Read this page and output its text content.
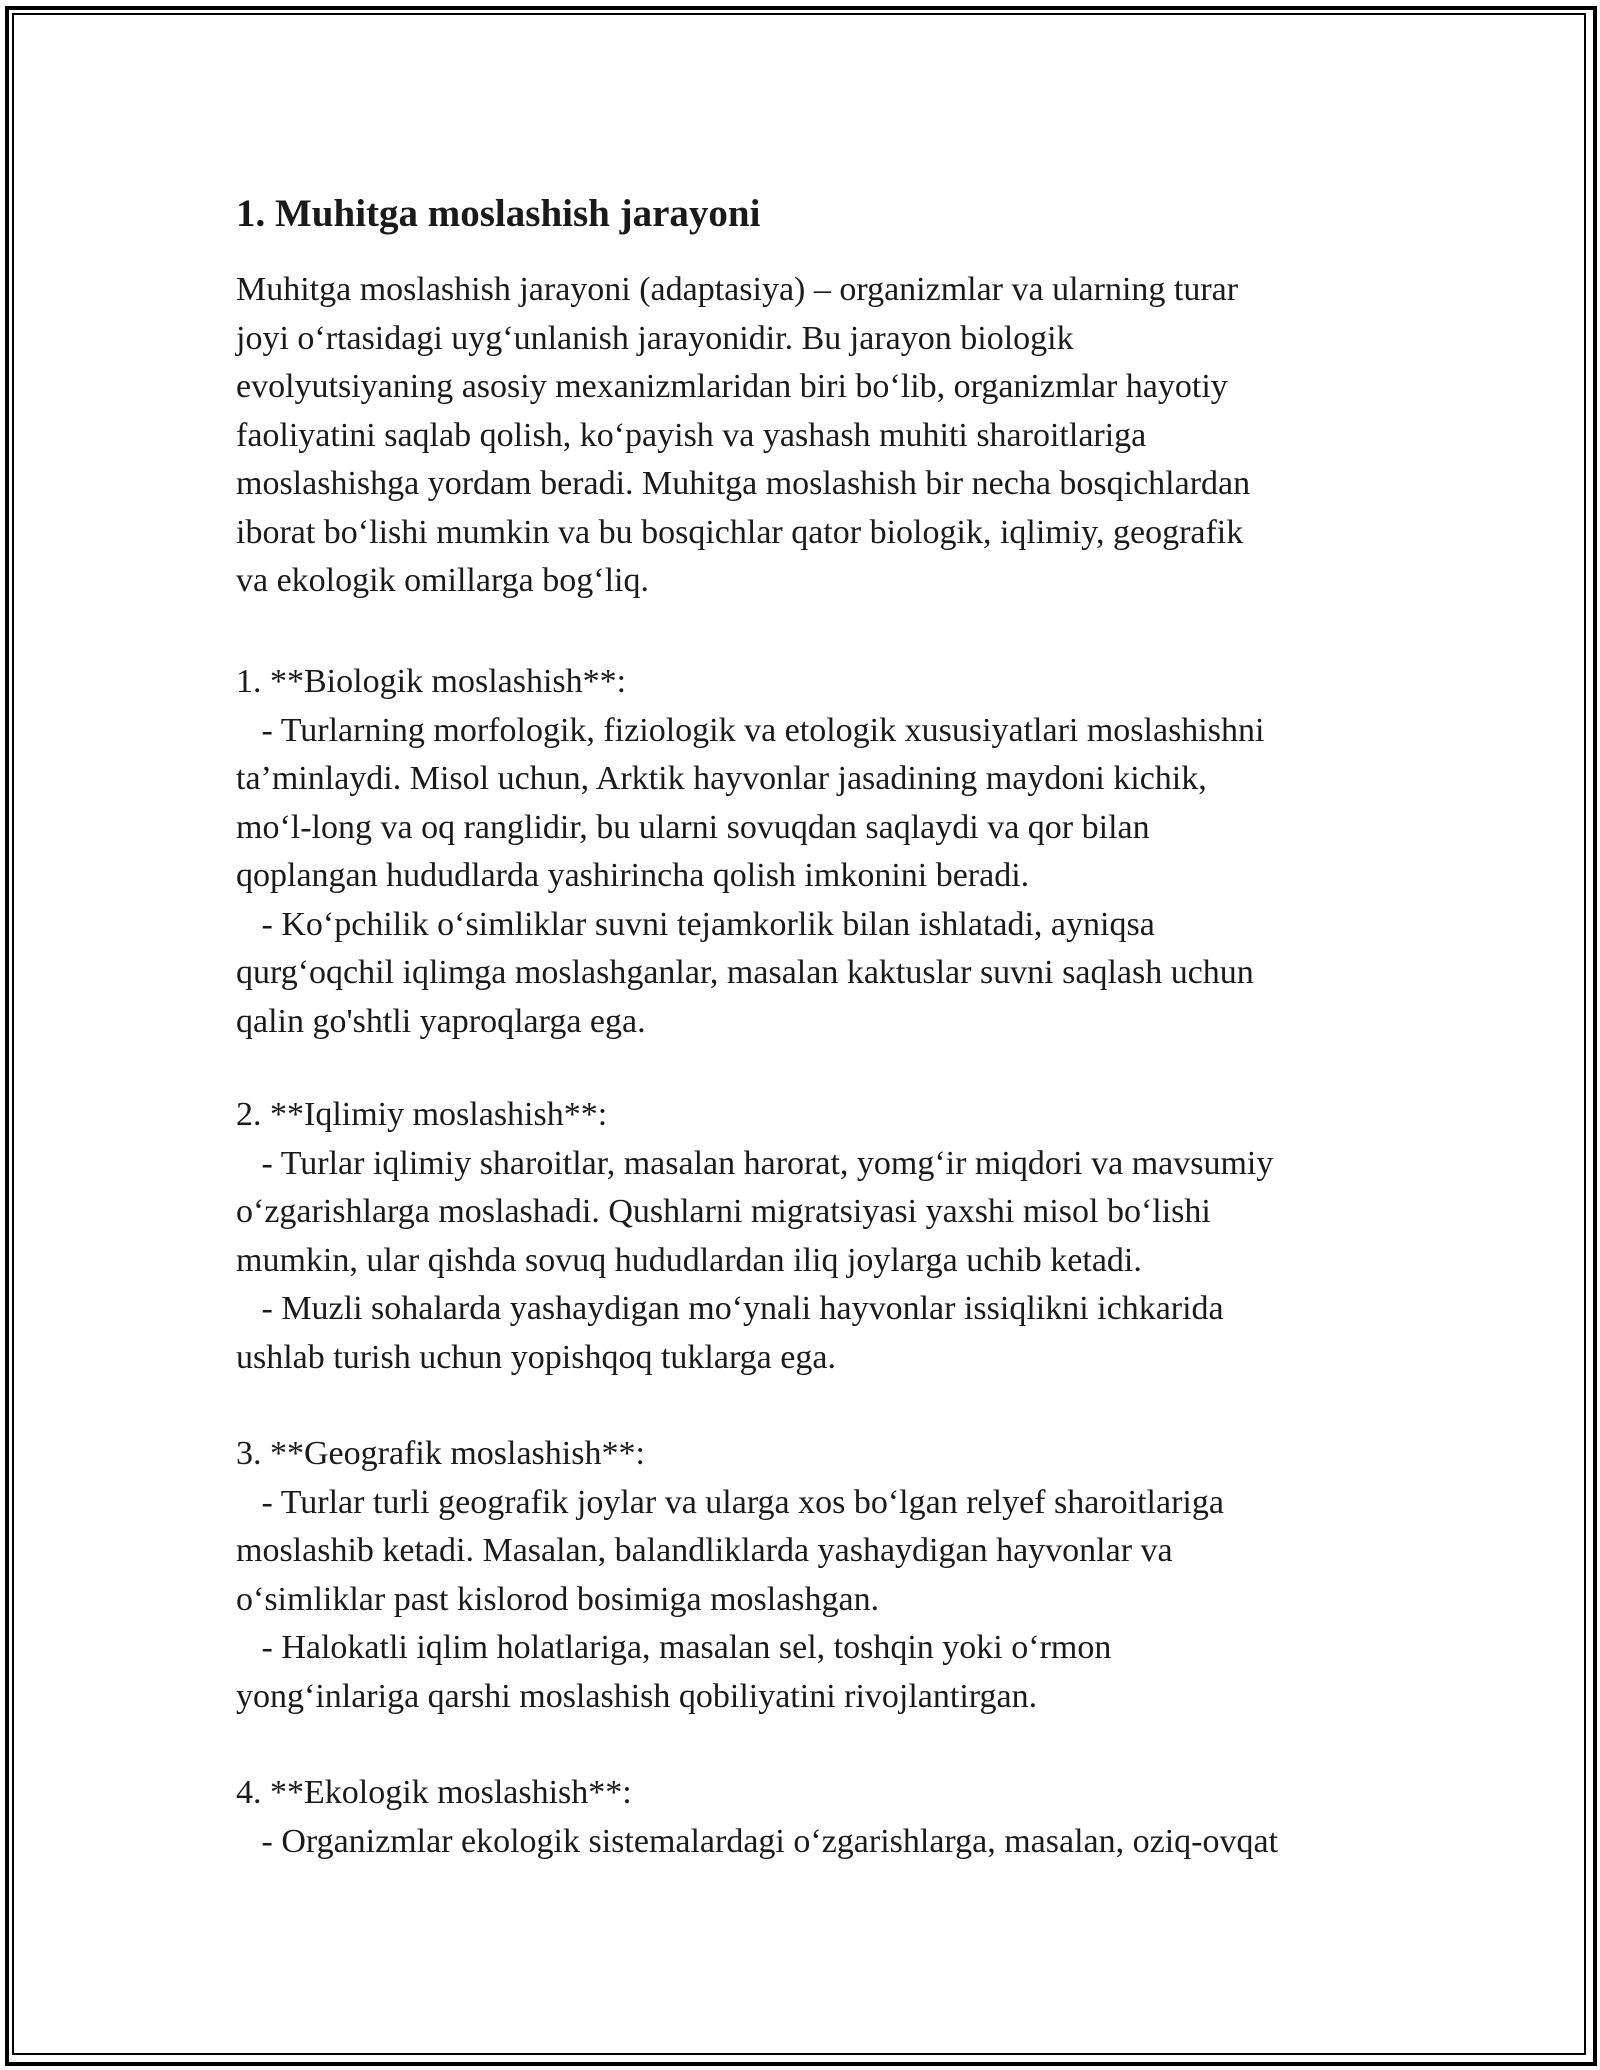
1. Muhitga moslashish jarayoni

Muhitga moslashish jarayoni (adaptasiya) – organizmlar va ularning turar
joyi o‘rtasidagi uyg‘unlanish jarayonidir. Bu jarayon biologik
evolyutsiyaning asosiy mexanizmlaridan biri bo‘lib, organizmlar hayotiy
faoliyatini saqlab qolish, ko‘payish va yashash muhiti sharoitlariga
moslashishga yordam beradi. Muhitga moslashish bir necha bosqichlardan
iborat bo‘lishi mumkin va bu bosqichlar qator biologik, iqlimiy, geografik
va ekologik omillarga bog‘liq.

1. **Biologik moslashish**:

- Turlarning morfologik, fiziologik va etologik xususiyatlari moslashishni
ta’minlaydi. Misol uchun, Arktik hayvonlar jasadining maydoni kichik,
mo‘l-long va oq ranglidir, bu ularni sovuqdan saqlaydi va qor bilan
qoplangan hududlarda yashirincha qolish imkonini beradi.
- Ko‘pchilik o‘simliklar suvni tejamkorlik bilan ishlatadi, ayniqsa
qurg‘oqchil iqlimga moslashganlar, masalan kaktuslar suvni saqlash uchun
qalin go'shtli yaproqlarga ega.

2. **Iqlimiy moslashish**:

- Turlar iqlimiy sharoitlar, masalan harorat, yomg‘ir miqdori va mavsumiy
o‘zgarishlarga moslashadi. Qushlarni migratsiyasi yaxshi misol bo‘lishi
mumkin, ular qishda sovuq hududlardan iliq joylarga uchib ketadi.
- Muzli sohalarda yashaydigan mo‘ynali hayvonlar issiqlikni ichkarida
ushlab turish uchun yopishqoq tuklarga ega.

3. **Geografik moslashish**:

- Turlar turli geografik joylar va ularga xos bo‘lgan relyef sharoitlariga
moslashib ketadi. Masalan, balandliklarda yashaydigan hayvonlar va
o‘simliklar past kislorod bosimiga moslashgan.
- Halokatli iqlim holatlariga, masalan sel, toshqin yoki o‘rmon
yong‘inlariga qarshi moslashish qobiliyatini rivojlantirgan.

4. **Ekologik moslashish**:

- Organizmlar ekologik sistemalardagi o‘zgarishlarga, masalan, oziq-ovqat
